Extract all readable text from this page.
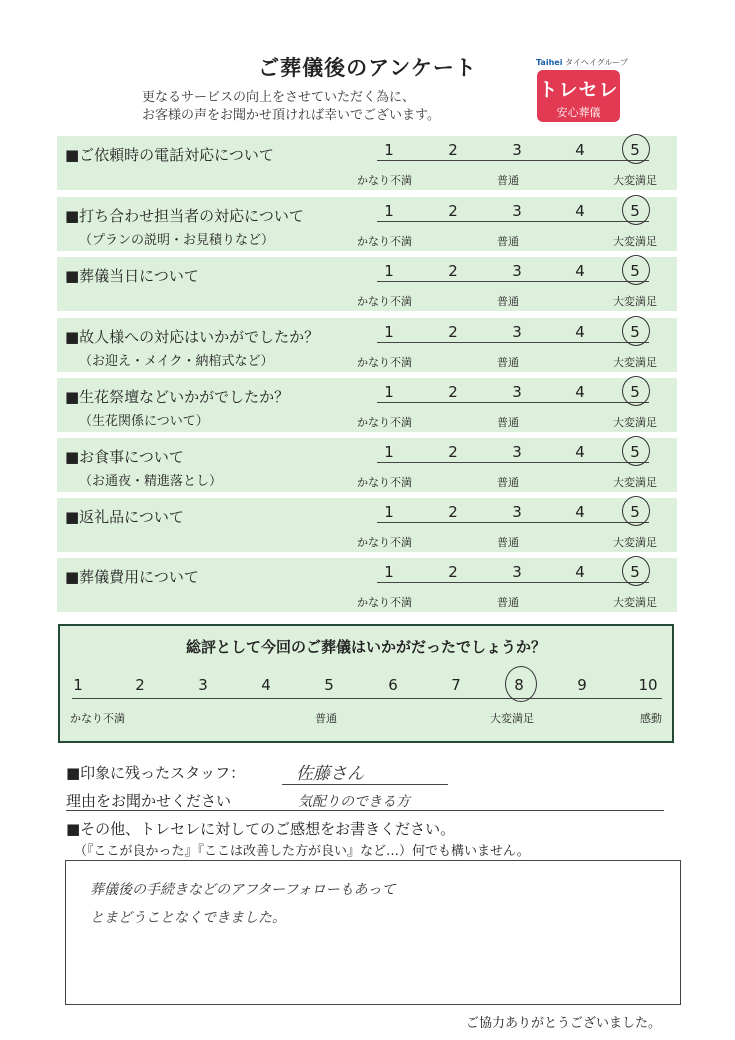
ご葬儀後のアンケート
更なるサービスの向上をさせていただく為に、
お客様の声をお聞かせ頂ければ幸いでございます。
Taihei タイヘイグループ
トレセレ
安心葬儀
■ご依頼時の電話対応について	1	2	3	4	5
かなり不満	普通	大変満足
■打ち合わせ担当者の対応について
（プランの説明・お見積りなど）
1	2	3	4	5
かなり不満	普通	大変満足
■葬儀当日について	1	2	3	4	5
かなり不満	普通	大変満足
■故人様への対応はいかがでしたか？
（お迎え・メイク・納棺式など）
1	2	3	4	5
かなり不満	普通	大変満足
■生花祭壇などいかがでしたか？
（生花関係について）
1	2	3	4	5
かなり不満	普通	大変満足
■お食事について
（お通夜・精進落とし）
1	2	3	4	5
かなり不満	普通	大変満足
■返礼品について	1	2	3	4	5
かなり不満	普通	大変満足
■葬儀費用について	1	2	3	4	5
かなり不満	普通	大変満足
総評として今回のご葬儀はいかがだったでしょうか？
1	2	3	4	5	6	7	8	9	10
かなり不満	普通	大変満足	感動
■印象に残ったスタッフ：	佐藤さん
理由をお聞かせください	気配りのできる方
■その他、トレセレに対してのご感想をお書きください。
（『ここが良かった』『ここは改善した方が良い』など…）何でも構いません。
葬儀後の手続きなどのアフターフォローもあって
とまどうことなくできました。
ご協力ありがとうございました。
